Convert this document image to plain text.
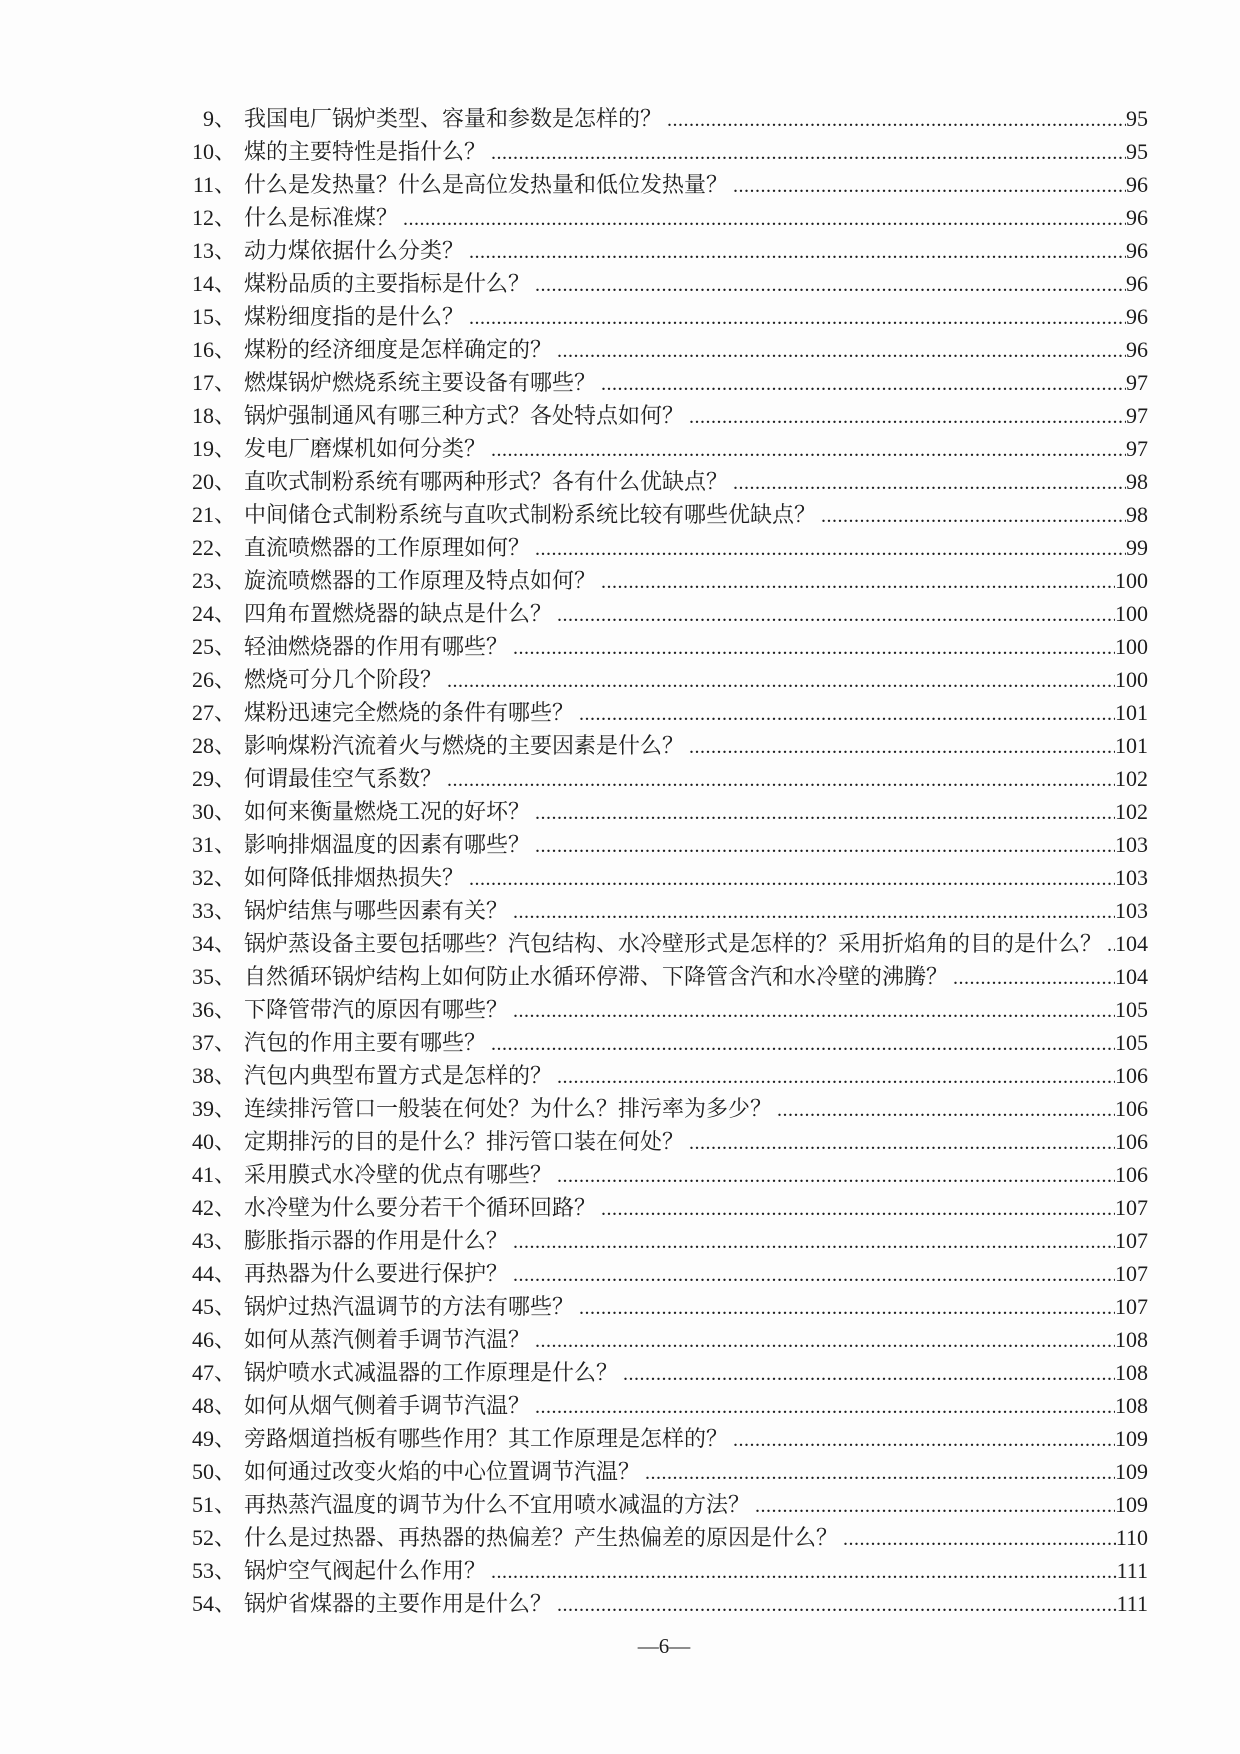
9、 我国电厂锅炉类型、容量和参数是怎样的？ .....	95
10、 煤的主要特性是指什么？ .....	95
11、 什么是发热量？什么是高位发热量和低位发热量？ .....	96
12、 什么是标准煤？ .....	96
13、 动力煤依据什么分类？ .....	96
14、 煤粉品质的主要指标是什么？ .....	96
15、 煤粉细度指的是什么？ .....	96
16、 煤粉的经济细度是怎样确定的？ .....	96
17、 燃煤锅炉燃烧系统主要设备有哪些？ .....	97
18、 锅炉强制通风有哪三种方式？各处特点如何？ .....	97
19、 发电厂磨煤机如何分类？ .....	97
20、 直吹式制粉系统有哪两种形式？各有什么优缺点？ .....	98
21、 中间储仓式制粉系统与直吹式制粉系统比较有哪些优缺点？ .....	98
22、 直流喷燃器的工作原理如何？ .....	99
23、 旋流喷燃器的工作原理及特点如何？ .....	100
24、 四角布置燃烧器的缺点是什么？ .....	100
25、 轻油燃烧器的作用有哪些？ .....	100
26、 燃烧可分几个阶段？ .....	100
27、 煤粉迅速完全燃烧的条件有哪些？ .....	101
28、 影响煤粉汽流着火与燃烧的主要因素是什么？ .....	101
29、 何谓最佳空气系数？ .....	102
30、 如何来衡量燃烧工况的好坏？ .....	102
31、 影响排烟温度的因素有哪些？ .....	103
32、 如何降低排烟热损失？ .....	103
33、 锅炉结焦与哪些因素有关？ .....	103
34、 锅炉蒸设备主要包括哪些？汽包结构、水冷壁形式是怎样的？采用折焰角的目的是什么？ ..... 104
35、 自然循环锅炉结构上如何防止水循环停滞、下降管含汽和水冷壁的沸腾？ .....	104
36、 下降管带汽的原因有哪些？ .....	105
37、 汽包的作用主要有哪些？ .....	105
38、 汽包内典型布置方式是怎样的？ .....	106
39、 连续排污管口一般装在何处？为什么？排污率为多少？ .....	106
40、 定期排污的目的是什么？排污管口装在何处？ .....	106
41、 采用膜式水冷壁的优点有哪些？ .....	106
42、 水冷壁为什么要分若干个循环回路？ .....	107
43、 膨胀指示器的作用是什么？ .....	107
44、 再热器为什么要进行保护？ .....	107
45、 锅炉过热汽温调节的方法有哪些？ .....	107
46、 如何从蒸汽侧着手调节汽温？ .....	108
47、 锅炉喷水式减温器的工作原理是什么？ .....	108
48、 如何从烟气侧着手调节汽温？ .....	108
49、 旁路烟道挡板有哪些作用？其工作原理是怎样的？ .....	109
50、 如何通过改变火焰的中心位置调节汽温？ .....	109
51、 再热蒸汽温度的调节为什么不宜用喷水减温的方法？ .....	109
52、 什么是过热器、再热器的热偏差？产生热偏差的原因是什么？ .....	110
53、 锅炉空气阀起什么作用？ .....	111
54、 锅炉省煤器的主要作用是什么？ .....	111
—6—
